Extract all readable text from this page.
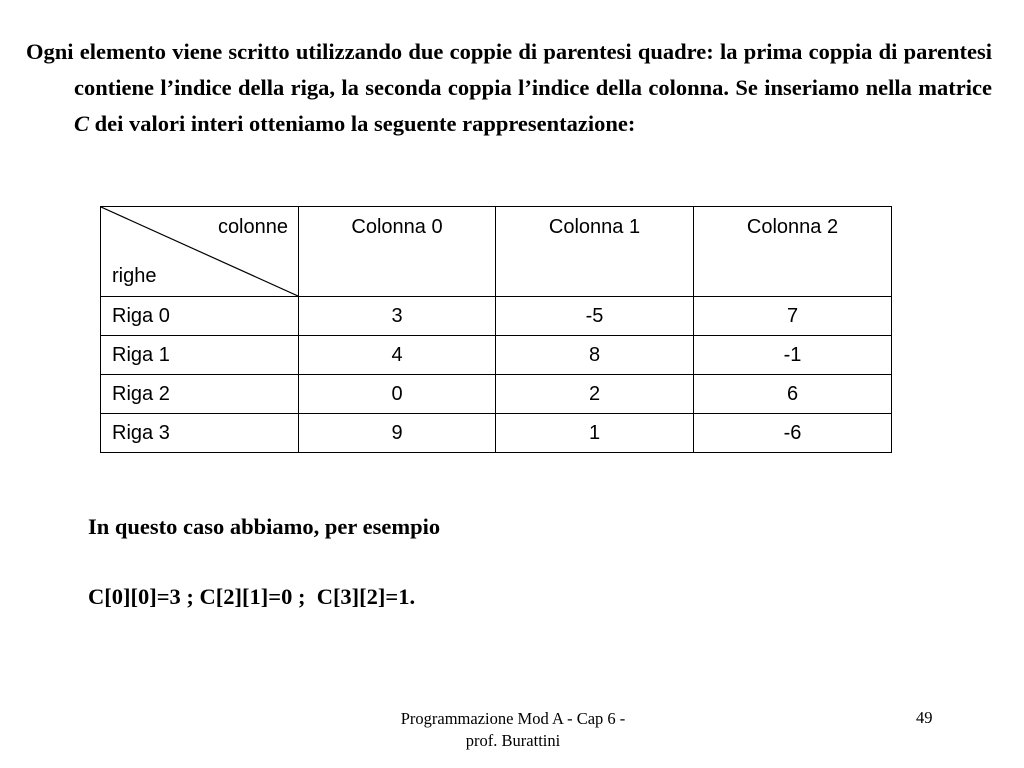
Ogni elemento viene scritto utilizzando due coppie di parentesi quadre: la prima coppia di parentesi contiene l’indice della riga, la seconda coppia l’indice della colonna. Se inseriamo nella matrice C dei valori interi otteniamo la seguente rappresentazione:
colonne
righe	Colonna 0	Colonna 1	Colonna 2
Riga 0	3	-5	7
Riga 1	4	8	-1
Riga 2	0	2	6
Riga 3	9	1	-6
In questo caso abbiamo, per esempio
C[0][0]=3 ; C[2][1]=0 ;  C[3][2]=1.
Programmazione Mod A - Cap 6 -
prof. Burattini
49
